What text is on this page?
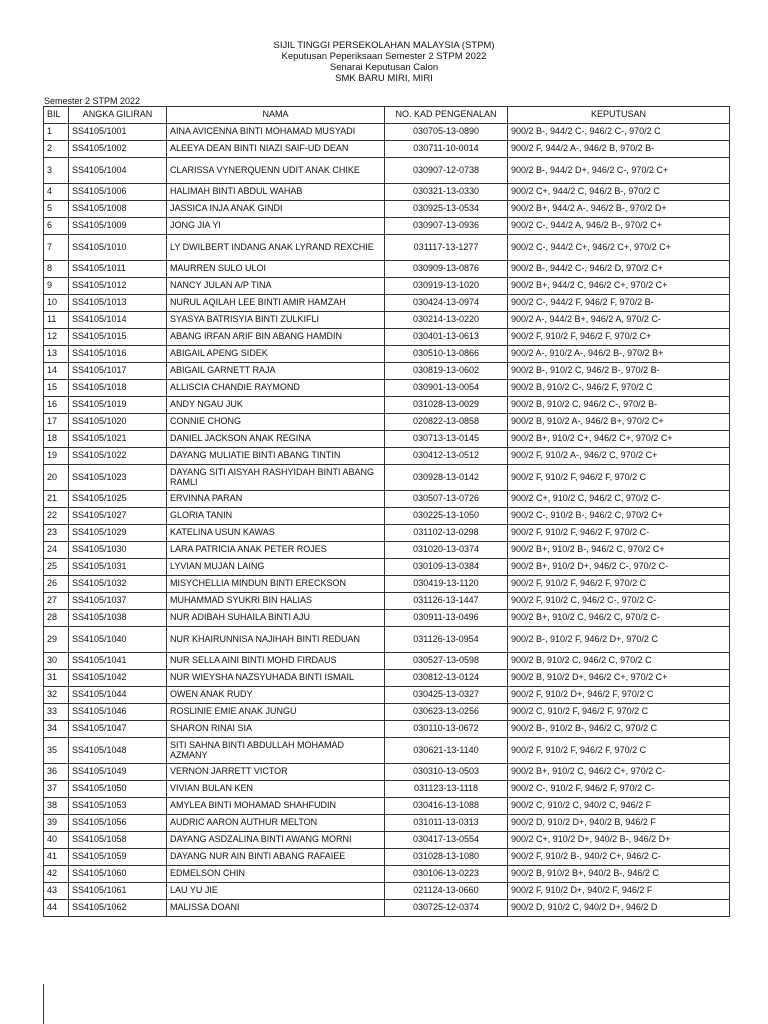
SIJIL TINGGI PERSEKOLAHAN MALAYSIA (STPM)
Keputusan Peperiksaan Semester 2 STPM 2022
Senarai Keputusan Calon
SMK BARU MIRI, MIRI
Semester 2 STPM 2022
BIL	ANGKA GILIRAN	NAMA	NO. KAD PENGENALAN	KEPUTUSAN
1	SS4105/1001	AINA AVICENNA BINTI MOHAMAD MUSYADI	030705-13-0890	900/2 B-, 944/2 C-, 946/2 C-, 970/2 C
2	SS4105/1002	ALEEYA DEAN BINTI NIAZI SAIF-UD DEAN	030711-10-0014	900/2 F, 944/2 A-, 946/2 B, 970/2 B-
3	SS4105/1004	CLARISSA VYNERQUENN UDIT ANAK CHIKE	030907-12-0738	900/2 B-, 944/2 D+, 946/2 C-, 970/2 C+
4	SS4105/1006	HALIMAH BINTI ABDUL WAHAB	030321-13-0330	900/2 C+, 944/2 C, 946/2 B-, 970/2 C
5	SS4105/1008	JASSICA INJA ANAK GINDI	030925-13-0534	900/2 B+, 944/2 A-, 946/2 B-, 970/2 D+
6	SS4105/1009	JONG JIA YI	030907-13-0936	900/2 C-, 944/2 A, 946/2 B-, 970/2 C+
7	SS4105/1010	LY DWILBERT INDANG ANAK LYRAND REXCHIE	031117-13-1277	900/2 C-, 944/2 C+, 946/2 C+, 970/2 C+
8	SS4105/1011	MAURREN SULO ULOI	030909-13-0876	900/2 B-, 944/2 C-, 946/2 D, 970/2 C+
9	SS4105/1012	NANCY JULAN A/P TINA	030919-13-1020	900/2 B+, 944/2 C, 946/2 C+, 970/2 C+
10	SS4105/1013	NURUL AQILAH LEE BINTI AMIR HAMZAH	030424-13-0974	900/2 C-, 944/2 F, 946/2 F, 970/2 B-
11	SS4105/1014	SYASYA BATRISYIA BINTI ZULKIFLI	030214-13-0220	900/2 A-, 944/2 B+, 946/2 A, 970/2 C-
12	SS4105/1015	ABANG IRFAN ARIF BIN ABANG HAMDIN	030401-13-0613	900/2 F, 910/2 F, 946/2 F, 970/2 C+
13	SS4105/1016	ABIGAIL APENG SIDEK	030510-13-0866	900/2 A-, 910/2 A-, 946/2 B-, 970/2 B+
14	SS4105/1017	ABIGAIL GARNETT RAJA	030819-13-0602	900/2 B-, 910/2 C, 946/2 B-, 970/2 B-
15	SS4105/1018	ALLISCIA CHANDIE RAYMOND	030901-13-0054	900/2 B, 910/2 C-, 946/2 F, 970/2 C
16	SS4105/1019	ANDY NGAU JUK	031028-13-0029	900/2 B, 910/2 C, 946/2 C-, 970/2 B-
17	SS4105/1020	CONNIE CHONG	020822-13-0858	900/2 B, 910/2 A-, 946/2 B+, 970/2 C+
18	SS4105/1021	DANIEL JACKSON ANAK REGINA	030713-13-0145	900/2 B+, 910/2 C+, 946/2 C+, 970/2 C+
19	SS4105/1022	DAYANG MULIATIE BINTI ABANG TINTIN	030412-13-0512	900/2 F, 910/2 A-, 946/2 C, 970/2 C+
20	SS4105/1023	DAYANG SITI AISYAH RASHYIDAH BINTI ABANG RAMLI	030928-13-0142	900/2 F, 910/2 F, 946/2 F, 970/2 C
21	SS4105/1025	ERVINNA PARAN	030507-13-0726	900/2 C+, 910/2 C, 946/2 C, 970/2 C-
22	SS4105/1027	GLORIA TANIN	030225-13-1050	900/2 C-, 910/2 B-, 946/2 C, 970/2 C+
23	SS4105/1029	KATELINA USUN KAWAS	031102-13-0298	900/2 F, 910/2 F, 946/2 F, 970/2 C-
24	SS4105/1030	LARA PATRICIA ANAK PETER ROJES	031020-13-0374	900/2 B+, 910/2 B-, 946/2 C, 970/2 C+
25	SS4105/1031	LYVIAN MUJAN LAING	030109-13-0384	900/2 B+, 910/2 D+, 946/2 C-, 970/2 C-
26	SS4105/1032	MISYCHELLIA MINDUN BINTI ERECKSON	030419-13-1120	900/2 F, 910/2 F, 946/2 F, 970/2 C
27	SS4105/1037	MUHAMMAD SYUKRI BIN HALIAS	031126-13-1447	900/2 F, 910/2 C, 946/2 C-, 970/2 C-
28	SS4105/1038	NUR ADIBAH SUHAILA BINTI AJU	030911-13-0496	900/2 B+, 910/2 C, 946/2 C, 970/2 C-
29	SS4105/1040	NUR KHAIRUNNISA NAJIHAH BINTI REDUAN	031126-13-0954	900/2 B-, 910/2 F, 946/2 D+, 970/2 C
30	SS4105/1041	NUR SELLA AINI BINTI MOHD FIRDAUS	030527-13-0598	900/2 B, 910/2 C, 946/2 C, 970/2 C
31	SS4105/1042	NUR WIEYSHA NAZSYUHADA BINTI ISMAIL	030812-13-0124	900/2 B, 910/2 D+, 946/2 C+, 970/2 C+
32	SS4105/1044	OWEN ANAK RUDY	030425-13-0327	900/2 F, 910/2 D+, 946/2 F, 970/2 C
33	SS4105/1046	ROSLINIE EMIE ANAK JUNGU	030623-13-0256	900/2 C, 910/2 F, 946/2 F, 970/2 C
34	SS4105/1047	SHARON RINAI SIA	030110-13-0672	900/2 B-, 910/2 B-, 946/2 C, 970/2 C
35	SS4105/1048	SITI SAHNA BINTI ABDULLAH MOHAMAD AZMANY	030621-13-1140	900/2 F, 910/2 F, 946/2 F, 970/2 C
36	SS4105/1049	VERNON JARRETT VICTOR	030310-13-0503	900/2 B+, 910/2 C, 946/2 C+, 970/2 C-
37	SS4105/1050	VIVIAN BULAN KEN	031123-13-1118	900/2 C-, 910/2 F, 946/2 F, 970/2 C-
38	SS4105/1053	AMYLEA BINTI MOHAMAD SHAHFUDIN	030416-13-1088	900/2 C, 910/2 C, 940/2 C, 946/2 F
39	SS4105/1056	AUDRIC AARON AUTHUR MELTON	031011-13-0313	900/2 D, 910/2 D+, 940/2 B, 946/2 F
40	SS4105/1058	DAYANG ASDZALINA BINTI AWANG MORNI	030417-13-0554	900/2 C+, 910/2 D+, 940/2 B-, 946/2 D+
41	SS4105/1059	DAYANG NUR AIN BINTI ABANG RAFAIEE	031028-13-1080	900/2 F, 910/2 B-, 940/2 C+, 946/2 C-
42	SS4105/1060	EDMELSON CHIN	030106-13-0223	900/2 B, 910/2 B+, 940/2 B-, 946/2 C
43	SS4105/1061	LAU YU JIE	021124-13-0660	900/2 F, 910/2 D+, 940/2 F, 946/2 F
44	SS4105/1062	MALISSA DOANI	030725-12-0374	900/2 D, 910/2 C, 940/2 D+, 946/2 D
